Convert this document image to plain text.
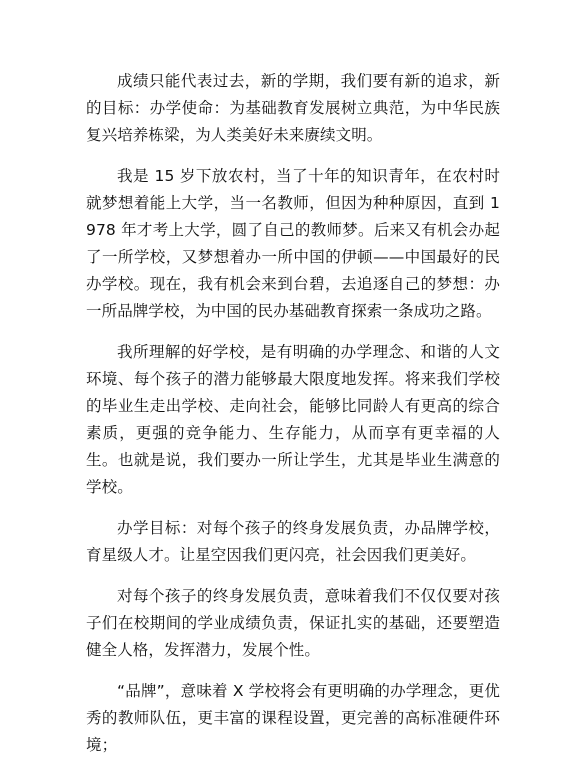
成绩只能代表过去，新的学期，我们要有新的追求，新的目标：办学使命：为基础教育发展树立典范，为中华民族复兴培养栋梁，为人类美好未来赓续文明。

我是 15 岁下放农村，当了十年的知识青年，在农村时就梦想着能上大学，当一名教师，但因为种种原因，直到 1978 年才考上大学，圆了自己的教师梦。后来又有机会办起了一所学校，又梦想着办一所中国的伊顿——中国最好的民办学校。现在，我有机会来到台碧，去追逐自己的梦想：办一所品牌学校，为中国的民办基础教育探索一条成功之路。

我所理解的好学校，是有明确的办学理念、和谐的人文环境、每个孩子的潜力能够最大限度地发挥。将来我们学校的毕业生走出学校、走向社会，能够比同龄人有更高的综合素质，更强的竞争能力、生存能力，从而享有更幸福的人生。也就是说，我们要办一所让学生，尤其是毕业生满意的学校。

办学目标：对每个孩子的终身发展负责，办品牌学校，育星级人才。让星空因我们更闪亮，社会因我们更美好。

对每个孩子的终身发展负责，意味着我们不仅仅要对孩子们在校期间的学业成绩负责，保证扎实的基础，还要塑造健全人格，发挥潜力，发展个性。

“品牌”，意味着 X 学校将会有更明确的办学理念，更优秀的教师队伍，更丰富的课程设置，更完善的高标准硬件环境；
